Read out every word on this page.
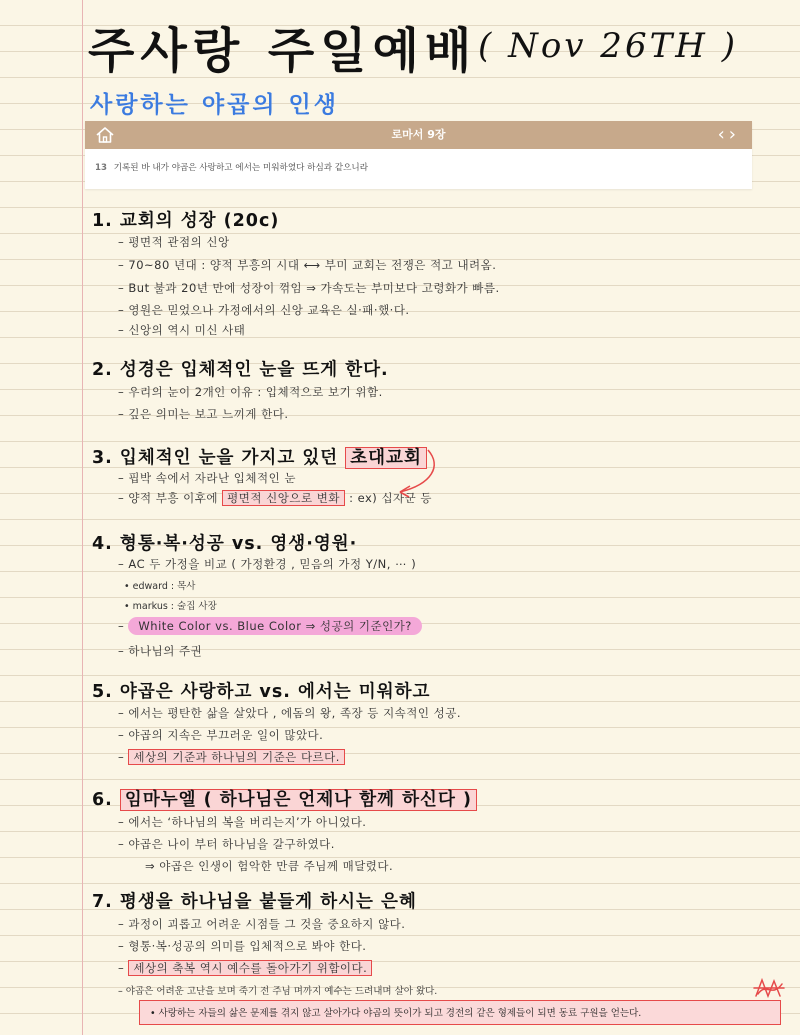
주사랑 주일예배 ( Nov 26TH )
사랑하는 야곱의 인생
로마서 9장	‹›
13 기록된 바 내가 야곱은 사랑하고 에서는 미워하였다 하심과 같으니라
1. 교회의 성장 (20c)
– 평면적 관점의 신앙
– 70~80 년대 : 양적 부흥의 시대 ⟷ 부미 교회는 전쟁은 적고 내려옴.
– But 불과 20년 만에 성장이 꺾임 ⇒ 가속도는 부미보다 고령화가 빠름.
– 영원은 믿었으나 가정에서의 신앙 교육은 실·패·했·다.
– 신앙의 역시 미신 사태
2. 성경은 입체적인 눈을 뜨게 한다.
– 우리의 눈이 2개인 이유 : 입체적으로 보기 위함.
– 깊은 의미는 보고 느끼게 한다.
3. 입체적인 눈을 가지고 있던 초대교회
– 핍박 속에서 자라난 입체적인 눈
– 양적 부흥 이후에 평면적 신앙으로 변화 : ex) 십자군 등
4. 형통·복·성공 vs. 영생·영원·
– AC 두 가정을 비교 ( 가정환경 , 믿음의 가정 Y/N, ⋯ )
• edward : 목사
• markus : 술집 사장
– White Color vs. Blue Color ⇒ 성공의 기준인가?
– 하나님의 주권
5. 야곱은 사랑하고 vs. 에서는 미워하고
– 에서는 평탄한 삶을 살았다 , 에돔의 왕, 족장 등 지속적인 성공.
– 야곱의 지속은 부끄러운 일이 많았다.
– 세상의 기준과 하나님의 기준은 다르다.
6. 임마누엘 ( 하나님은 언제나 함께 하신다 )
– 에서는 ‘하나님의 복을 버리는지’가 아니었다.
– 야곱은 나이 부터 하나님을 갈구하였다.
⇒ 야곱은 인생이 험악한 만큼 주님께 매달렸다.
7. 평생을 하나님을 붙들게 하시는 은혜
– 과정이 괴롭고 어려운 시점들 그 것을 중요하지 않다.
– 형통·복·성공의 의미를 입체적으로 봐야 한다.
– 세상의 축복 역시 예수를 돌아가기 위함이다.
– 야곱은 어려운 고난을 보며 죽기 전 주님 며까지 예수는 드려내며 살아 왔다.
• 사랑하는 자들의 삶은 문제를 겪지 않고 살아가다 야곱의 뜻이가 되고 경전의 같은 형제들이 되면 동료 구원을 얻는다.
